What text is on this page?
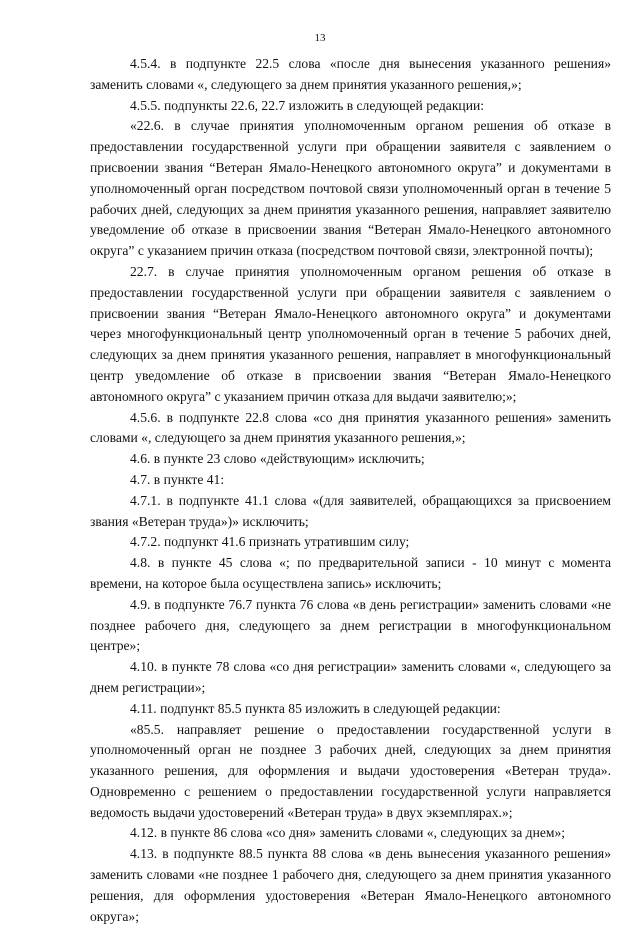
13

4.5.4. в подпункте 22.5 слова «после дня вынесения указанного решения» заменить словами «, следующего за днем принятия указанного решения,»;

4.5.5. подпункты 22.6, 22.7 изложить в следующей редакции:

«22.6. в случае принятия уполномоченным органом решения об отказе в предоставлении государственной услуги при обращении заявителя с заявлением о присвоении звания “Ветеран Ямало-Ненецкого автономного округа” и документами в уполномоченный орган посредством почтовой связи уполномоченный орган в течение 5 рабочих дней, следующих за днем принятия указанного решения, направляет заявителю уведомление об отказе в присвоении звания “Ветеран Ямало-Ненецкого автономного округа” с указанием причин отказа (посредством почтовой связи, электронной почты);

22.7. в случае принятия уполномоченным органом решения об отказе в предоставлении государственной услуги при обращении заявителя с заявлением о присвоении звания “Ветеран Ямало-Ненецкого автономного округа” и документами через многофункциональный центр уполномоченный орган в течение 5 рабочих дней, следующих за днем принятия указанного решения, направляет в многофункциональный центр уведомление об отказе в присвоении звания “Ветеран Ямало-Ненецкого автономного округа” с указанием причин отказа для выдачи заявителю;»;

4.5.6. в подпункте 22.8 слова «со дня принятия указанного решения» заменить словами «, следующего за днем принятия указанного решения,»;

4.6. в пункте 23 слово «действующим» исключить;

4.7. в пункте 41:

4.7.1. в подпункте 41.1 слова «(для заявителей, обращающихся за присвоением звания «Ветеран труда»)» исключить;

4.7.2. подпункт 41.6 признать утратившим силу;

4.8. в пункте 45 слова «; по предварительной записи - 10 минут с момента времени, на которое была осуществлена запись» исключить;

4.9. в подпункте 76.7 пункта 76 слова «в день регистрации» заменить словами «не позднее рабочего дня, следующего за днем регистрации в многофункциональном центре»;

4.10. в пункте 78 слова «со дня регистрации» заменить словами «, следующего за днем регистрации»;

4.11. подпункт 85.5 пункта 85 изложить в следующей редакции:

«85.5. направляет решение о предоставлении государственной услуги в уполномоченный орган не позднее 3 рабочих дней, следующих за днем принятия указанного решения, для оформления и выдачи удостоверения «Ветеран труда». Одновременно с решением о предоставлении государственной услуги направляется ведомость выдачи удостоверений «Ветеран труда» в двух экземплярах.»;

4.12. в пункте 86 слова «со дня» заменить словами «, следующих за днем»;

4.13. в подпункте 88.5 пункта 88 слова «в день вынесения указанного решения» заменить словами «не позднее 1 рабочего дня, следующего за днем принятия указанного решения, для оформления удостоверения «Ветеран Ямало-Ненецкого автономного округа»;
